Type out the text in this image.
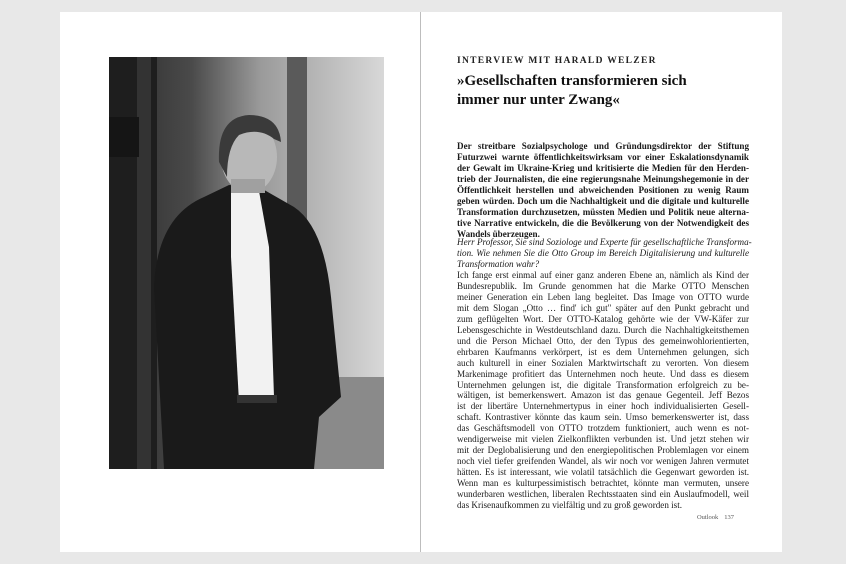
INTERVIEW MIT HARALD WELZER
»Gesellschaften transformieren sich
immer nur unter Zwang«
Der streitbare Sozialpsychologe und Gründungsdirektor der Stiftung
Futurzwei warnte öffentlichkeitswirksam vor einer Eskalationsdynamik
der Gewalt im Ukraine-Krieg und kritisierte die Medien für den Herden-
trieb der Journalisten, die eine regierungsnahe Meinungshegemonie in der
Öffentlichkeit herstellen und abweichenden Positionen zu wenig Raum
geben würden. Doch um die Nachhaltigkeit und die digitale und kulturelle
Transformation durchzusetzen, müssten Medien und Politik neue alterna-
tive Narrative entwickeln, die die Bevölkerung von der Notwendigkeit des
Wandels überzeugen.
Herr Professor, Sie sind Soziologe und Experte für gesellschaftliche Transforma-
tion. Wie nehmen Sie die Otto Group im Bereich Digitalisierung und kulturelle
Transformation wahr?
Ich fange erst einmal auf einer ganz anderen Ebene an, nämlich als Kind der
Bundesrepublik. Im Grunde genommen hat die Marke OTTO Menschen
meiner Generation ein Leben lang begleitet. Das Image von OTTO wurde
mit dem Slogan „Otto … find' ich gut" später auf den Punkt gebracht und
zum geflügelten Wort. Der OTTO-Katalog gehörte wie der VW-Käfer zur
Lebensgeschichte in Westdeutschland dazu. Durch die Nachhaltigkeitsthemen
und die Person Michael Otto, der den Typus des gemeinwohlorientierten,
ehrbaren Kaufmanns verkörpert, ist es dem Unternehmen gelungen, sich
auch kulturell in einer Sozialen Marktwirtschaft zu verorten. Von diesem
Markenimage profitiert das Unternehmen noch heute. Und dass es diesem
Unternehmen gelungen ist, die digitale Transformation erfolgreich zu be-
wältigen, ist bemerkenswert. Amazon ist das genaue Gegenteil. Jeff Bezos
ist der libertäre Unternehmertypus in einer hoch individualisierten Gesell-
schaft. Kontrastiver könnte das kaum sein. Umso bemerkenswerter ist, dass
das Geschäftsmodell von OTTO trotzdem funktioniert, auch wenn es not-
wendigerweise mit vielen Zielkonflikten verbunden ist. Und jetzt stehen wir
mit der Deglobalisierung und den energiepolitischen Problemlagen vor einem
noch viel tiefer greifenden Wandel, als wir noch vor wenigen Jahren vermutet
hätten. Es ist interessant, wie volatil tatsächlich die Gegenwart geworden ist.
Wenn man es kulturpessimistisch betrachtet, könnte man vermuten, unsere
wunderbaren westlichen, liberalen Rechtsstaaten sind ein Auslaufmodell, weil
das Krisenaufkommen zu vielfältig und zu groß geworden ist.
Outlook 137
